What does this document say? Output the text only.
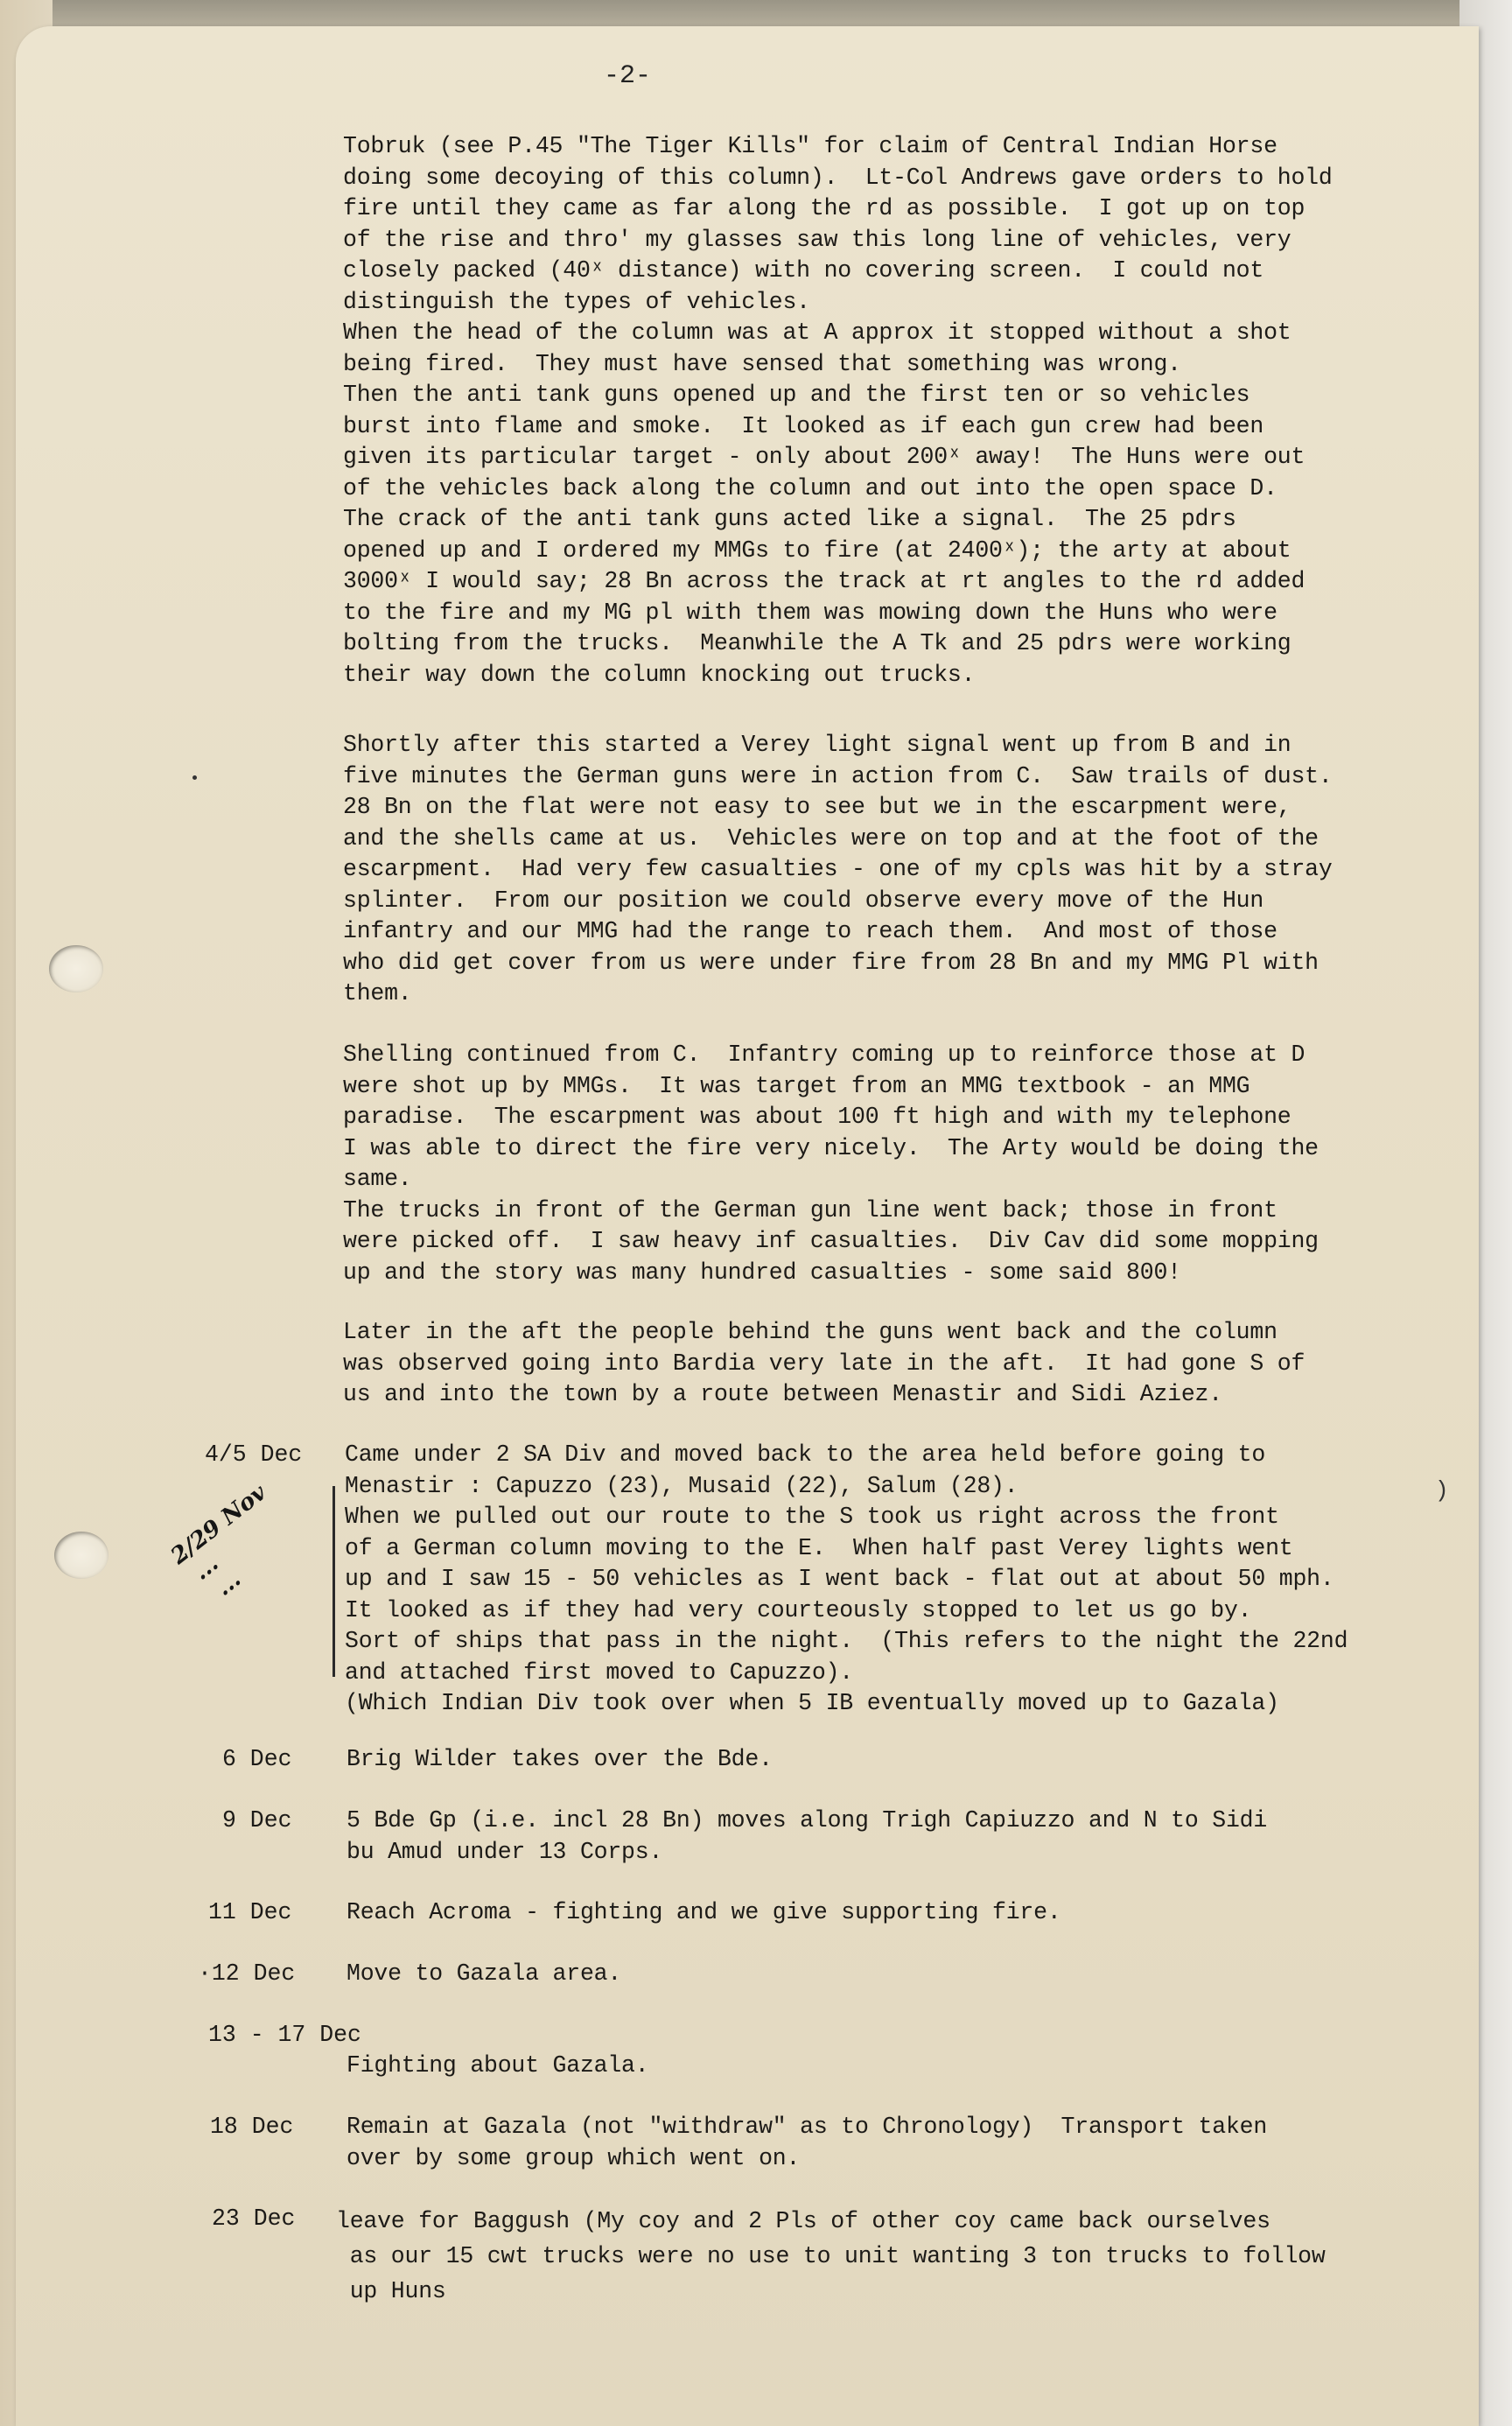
-2-
Tobruk (see P.45 "The Tiger Kills" for claim of Central Indian Horse
doing some decoying of this column).  Lt-Col Andrews gave orders to hold
fire until they came as far along the rd as possible.  I got up on top
of the rise and thro' my glasses saw this long line of vehicles, very
closely packed (40ˣ distance) with no covering screen.  I could not
distinguish the types of vehicles.
When the head of the column was at A approx it stopped without a shot
being fired.  They must have sensed that something was wrong.
Then the anti tank guns opened up and the first ten or so vehicles
burst into flame and smoke.  It looked as if each gun crew had been
given its particular target - only about 200ˣ away!  The Huns were out
of the vehicles back along the column and out into the open space D.
The crack of the anti tank guns acted like a signal.  The 25 pdrs
opened up and I ordered my MMGs to fire (at 2400ˣ); the arty at about
3000ˣ I would say; 28 Bn across the track at rt angles to the rd added
to the fire and my MG pl with them was mowing down the Huns who were
bolting from the trucks.  Meanwhile the A Tk and 25 pdrs were working
their way down the column knocking out trucks.
Shortly after this started a Verey light signal went up from B and in
five minutes the German guns were in action from C.  Saw trails of dust.
28 Bn on the flat were not easy to see but we in the escarpment were,
and the shells came at us.  Vehicles were on top and at the foot of the
escarpment.  Had very few casualties - one of my cpls was hit by a stray
splinter.  From our position we could observe every move of the Hun
infantry and our MMG had the range to reach them.  And most of those
who did get cover from us were under fire from 28 Bn and my MMG Pl with
them.
Shelling continued from C.  Infantry coming up to reinforce those at D
were shot up by MMGs.  It was target from an MMG textbook - an MMG
paradise.  The escarpment was about 100 ft high and with my telephone
I was able to direct the fire very nicely.  The Arty would be doing the
same.
The trucks in front of the German gun line went back; those in front
were picked off.  I saw heavy inf casualties.  Div Cav did some mopping
up and the story was many hundred casualties - some said 800!
Later in the aft the people behind the guns went back and the column
was observed going into Bardia very late in the aft.  It had gone S of
us and into the town by a route between Menastir and Sidi Aziez.
4/5 Dec Came under 2 SA Div and moved back to the area held before going to
Menastir : Capuzzo (23), Musaid (22), Salum (28).
When we pulled out our route to the S took us right across the front
of a German column moving to the E.  When half past Verey lights went
up and I saw 15 - 50 vehicles as I went back - flat out at about 50 mph.
It looked as if they had very courteously stopped to let us go by.
Sort of ships that pass in the night.  (This refers to the night the 22nd
and attached first moved to Capuzzo).
(Which Indian Div took over when 5 IB eventually moved up to Gazala)
)
2/29 Nov
...
...
6 Dec Brig Wilder takes over the Bde.
9 Dec 5 Bde Gp (i.e. incl 28 Bn) moves along Trigh Capiuzzo and N to Sidi
bu Amud under 13 Corps.
11 Dec Reach Acroma - fighting and we give supporting fire.
·12 Dec Move to Gazala area.
13 - 17 Dec
Fighting about Gazala.
18 Dec Remain at Gazala (not "withdraw" as to Chronology)  Transport taken
over by some group which went on.
23 Dec leave for Baggush (My coy and 2 Pls of other coy came back ourselves
as our 15 cwt trucks were no use to unit wanting 3 ton trucks to follow
up Huns
